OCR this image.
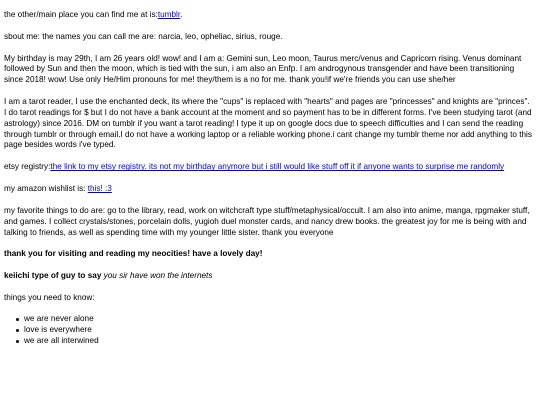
the other/main place you can find me at is:tumblr.

sbout me: the names you can call me are: narcia, leo, opheliac, sirius, rouge.

My birthday is may 29th, I am 26 years old! wow! and I am a: Gemini sun, Leo moon, Taurus merc/venus and Capricorn rising. Venus dominant followed by Sun and then the moon, which is tied with the sun, i am also an Enfp. I am androgynous transgender and have been transitioning since 2018! wow! Use only He/Him pronouns for me! they/them is a no for me. thank you!if we're friends you can use she/her

I am a tarot reader, I use the enchanted deck, its where the "cups" is replaced with "hearts" and pages are "princesses" and knights are "princes". I do tarot readings for $ but I do not have a bank account at the moment and so payment has to be in different forms. I've been studying tarot (and astrology) since 2016. DM on tumblr if you want a tarot reading! I type it up on google docs due to speech difficulties and I can send the reading through tumblr or through email.I do not have a working laptop or a reliable working phone.i cant change my tumblr theme nor add anything to this page besides words i've typed.

etsy registry:the link to my etsy registry. its not my birthday anymore but i still would like stuff off it if anyone wants to surprise me randomly

my amazon wishlist is: this! :3

my favorite things to do are: go to the library, read, work on witchcraft type stuff/metaphysical/occult. I am also into anime, manga, rpgmaker stuff, and games. I collect crystals/stones, porcelain dolls, yugioh duel monster cards, and nancy drew books. the greatest joy for me is being with and talking to friends, as well as spending time with my younger little sister. thank you everyone

thank you for visiting and reading my neocities! have a lovely day!

keiichi type of guy to say you sir have won the internets

things you need to know:

we are never alone
love is everywhere
we are all interwined
